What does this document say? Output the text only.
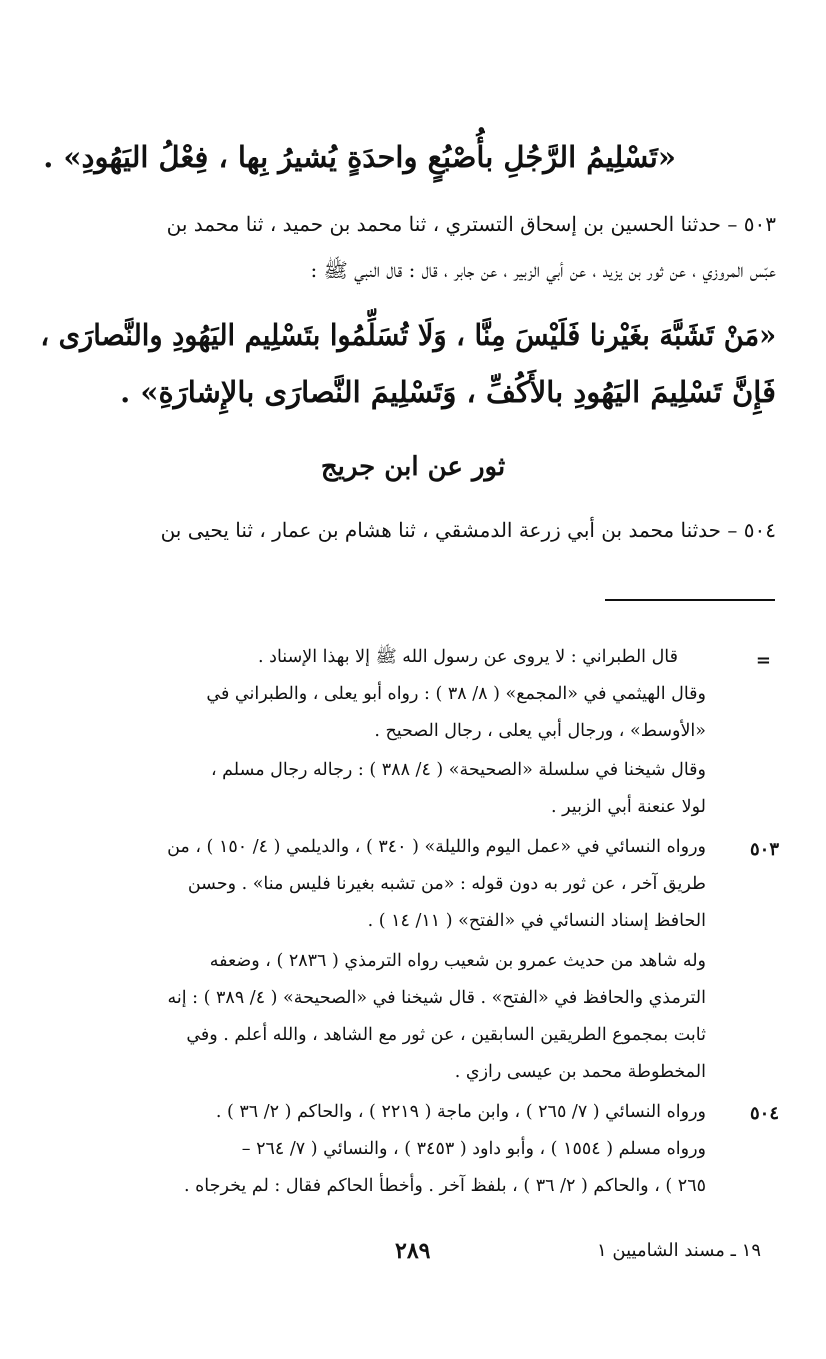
«تَسْلِيمُ الرَّجُلِ بأُصْبُعٍ واحدَةٍ يُشيرُ بِها ، فِعْلُ اليَهُودِ» .
٥٠٣ – حدثنا الحسين بن إسحاق التستري ، ثنا محمد بن حميد ، ثنا محمد بن
عبّس المروزي ، عن ثور بن يزيد ، عن أبي الزبير ، عن جابر ، قال : قال النبي ﷺ :
«مَنْ تَشَبَّهَ بغَيْرنا فَلَيْسَ مِنَّا ، وَلَا تُسَلِّمُوا بتَسْلِيم اليَهُودِ والنَّصارَى ،
فَإِنَّ تَسْلِيمَ اليَهُودِ بالأَكُفِّ ، وَتَسْلِيمَ النَّصارَى بالإِشارَةِ» .
ثور عن ابن جريج
٥٠٤ – حدثنا محمد بن أبي زرعة الدمشقي ، ثنا هشام بن عمار ، ثنا يحيى بن
=
٥٠٣
٥٠٤
قال الطبراني : لا يروى عن رسول الله ﷺ إلا بهذا الإسناد .
وقال الهيثمي في «المجمع» ( ٨/ ٣٨ ) : رواه أبو يعلى ، والطبراني في
«الأوسط» ، ورجال أبي يعلى ، رجال الصحيح .
وقال شيخنا في سلسلة «الصحيحة» ( ٤/ ٣٨٨ ) : رجاله رجال مسلم ،
لولا عنعنة أبي الزبير .
ورواه النسائي في «عمل اليوم والليلة» ( ٣٤٠ ) ، والديلمي ( ٤/ ١٥٠ ) ، من
طريق آخر ، عن ثور به دون قوله : «من تشبه بغيرنا فليس منا» . وحسن
الحافظ إسناد النسائي في «الفتح» ( ١١/ ١٤ ) .
وله شاهد من حديث عمرو بن شعيب رواه الترمذي ( ٢٨٣٦ ) ، وضعفه
الترمذي والحافظ في «الفتح» . قال شيخنا في «الصحيحة» ( ٤/ ٣٨٩ ) : إنه
ثابت بمجموع الطريقين السابقين ، عن ثور مع الشاهد ، والله أعلم . وفي
المخطوطة محمد بن عيسى رازي .
ورواه النسائي ( ٧/ ٢٦٥ ) ، وابن ماجة ( ٢٢١٩ ) ، والحاكم ( ٢/ ٣٦ ) .
ورواه مسلم ( ١٥٥٤ ) ، وأبو داود ( ٣٤٥٣ ) ، والنسائي ( ٧/ ٢٦٤ –
٢٦٥ ) ، والحاكم ( ٢/ ٣٦ ) ، بلفظ آخر . وأخطأ الحاكم فقال : لم يخرجاه .
٢٨٩	١٩ ـ مسند الشاميين ١
